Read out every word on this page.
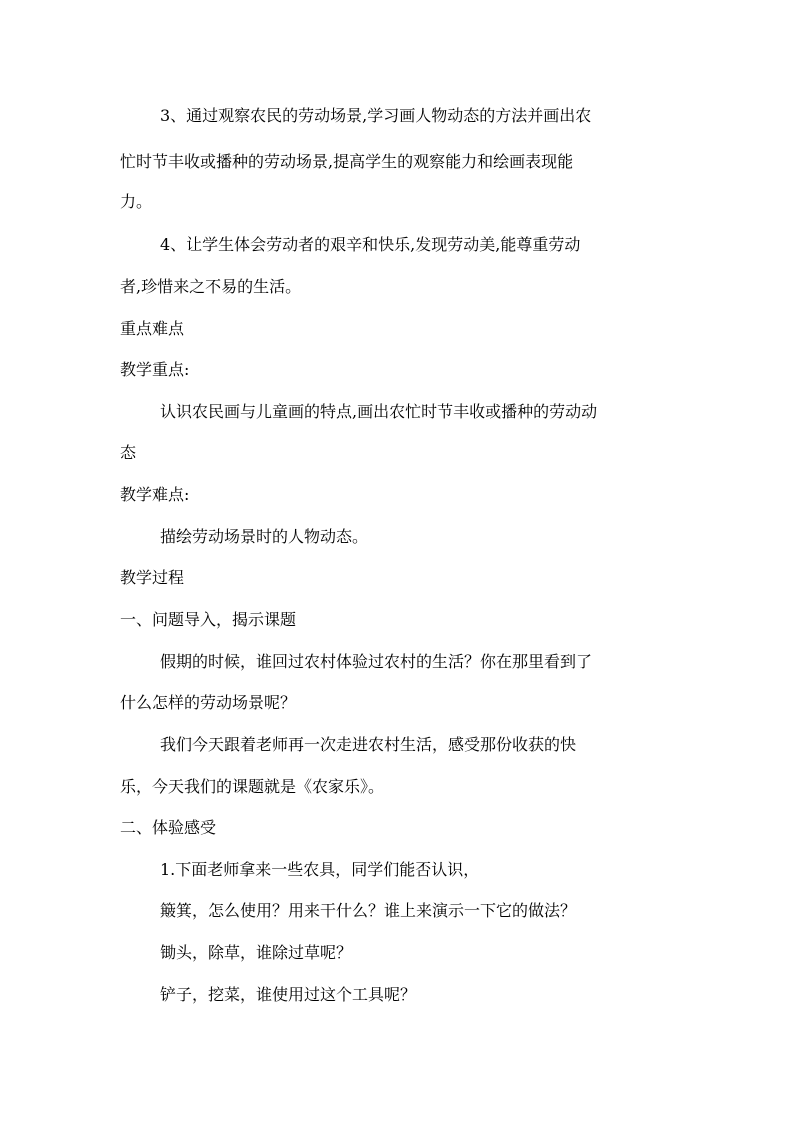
3、通过观察农民的劳动场景,学习画人物动态的方法并画出农
忙时节丰收或播种的劳动场景,提高学生的观察能力和绘画表现能
力。
4、让学生体会劳动者的艰辛和快乐,发现劳动美,能尊重劳动
者,珍惜来之不易的生活。
重点难点
教学重点:
认识农民画与儿童画的特点,画出农忙时节丰收或播种的劳动动
态
教学难点:
描绘劳动场景时的人物动态。
教学过程
一、问题导入，揭示课题
假期的时候，谁回过农村体验过农村的生活？你在那里看到了
什么怎样的劳动场景呢？
我们今天跟着老师再一次走进农村生活，感受那份收获的快
乐，今天我们的课题就是《农家乐》。
二、体验感受
1.下面老师拿来一些农具，同学们能否认识，
簸箕，怎么使用？用来干什么？谁上来演示一下它的做法？
锄头，除草，谁除过草呢？
铲子，挖菜，谁使用过这个工具呢？
